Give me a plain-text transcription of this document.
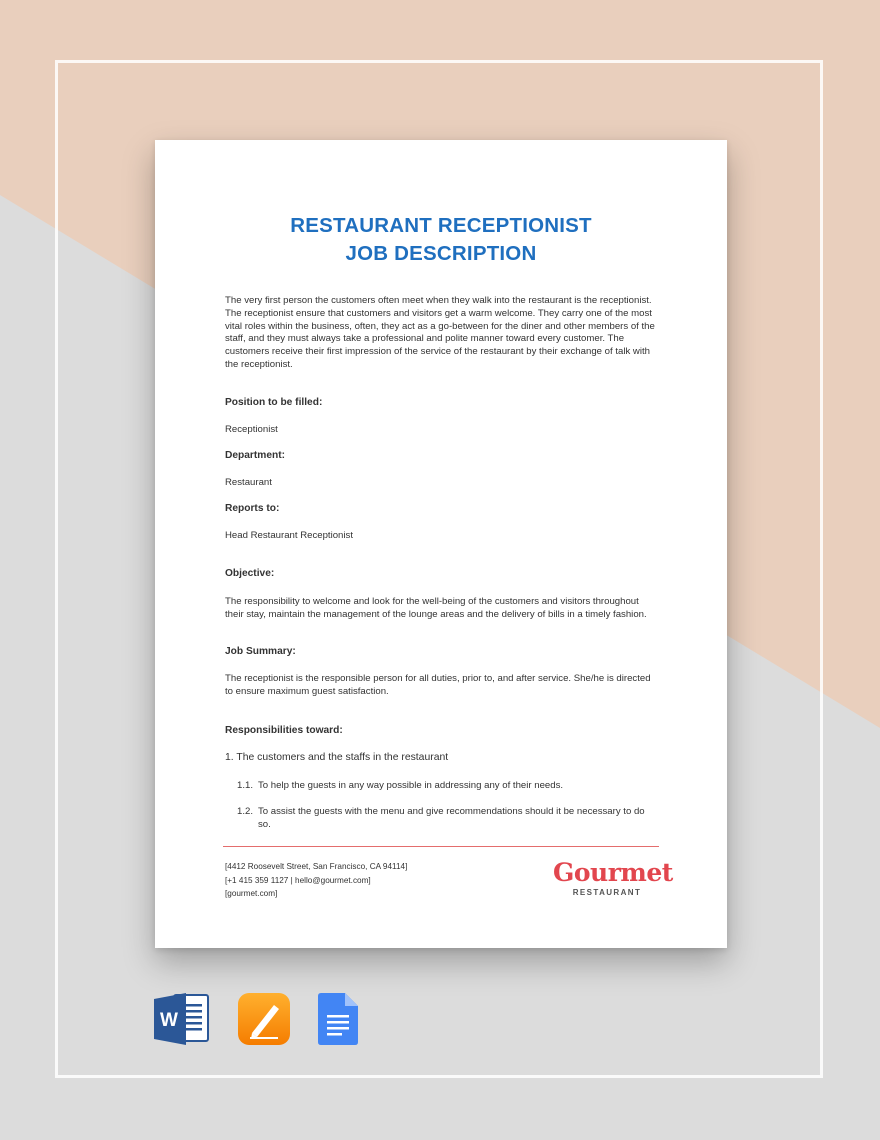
RESTAURANT RECEPTIONIST
JOB DESCRIPTION

The very first person the customers often meet when they walk into the restaurant is the receptionist. The receptionist ensure that customers and visitors get a warm welcome. They carry one of the most vital roles within the business, often, they act as a go-between for the diner and other members of the staff, and they must always take a professional and polite manner toward every customer. The customers receive their first impression of the service of the restaurant by their exchange of talk with the receptionist.

Position to be filled:

Receptionist

Department:

Restaurant

Reports to:

Head Restaurant Receptionist

Objective:

The responsibility to welcome and look for the well-being of the customers and visitors throughout their stay, maintain the management of the lounge areas and the delivery of bills in a timely fashion.

Job Summary:

The receptionist is the responsible person for all duties, prior to, and after service. She/he is directed to ensure maximum guest satisfaction.

Responsibilities toward:

1. The customers and the staffs in the restaurant
1.1. To help the guests in any way possible in addressing any of their needs.
1.2. To assist the guests with the menu and give recommendations should it be necessary to do so.
[4412 Roosevelt Street, San Francisco, CA 94114]
[+1 415 359 1127 | hello@gourmet.com]
[gourmet.com]
Gourmet
RESTAURANT
W
